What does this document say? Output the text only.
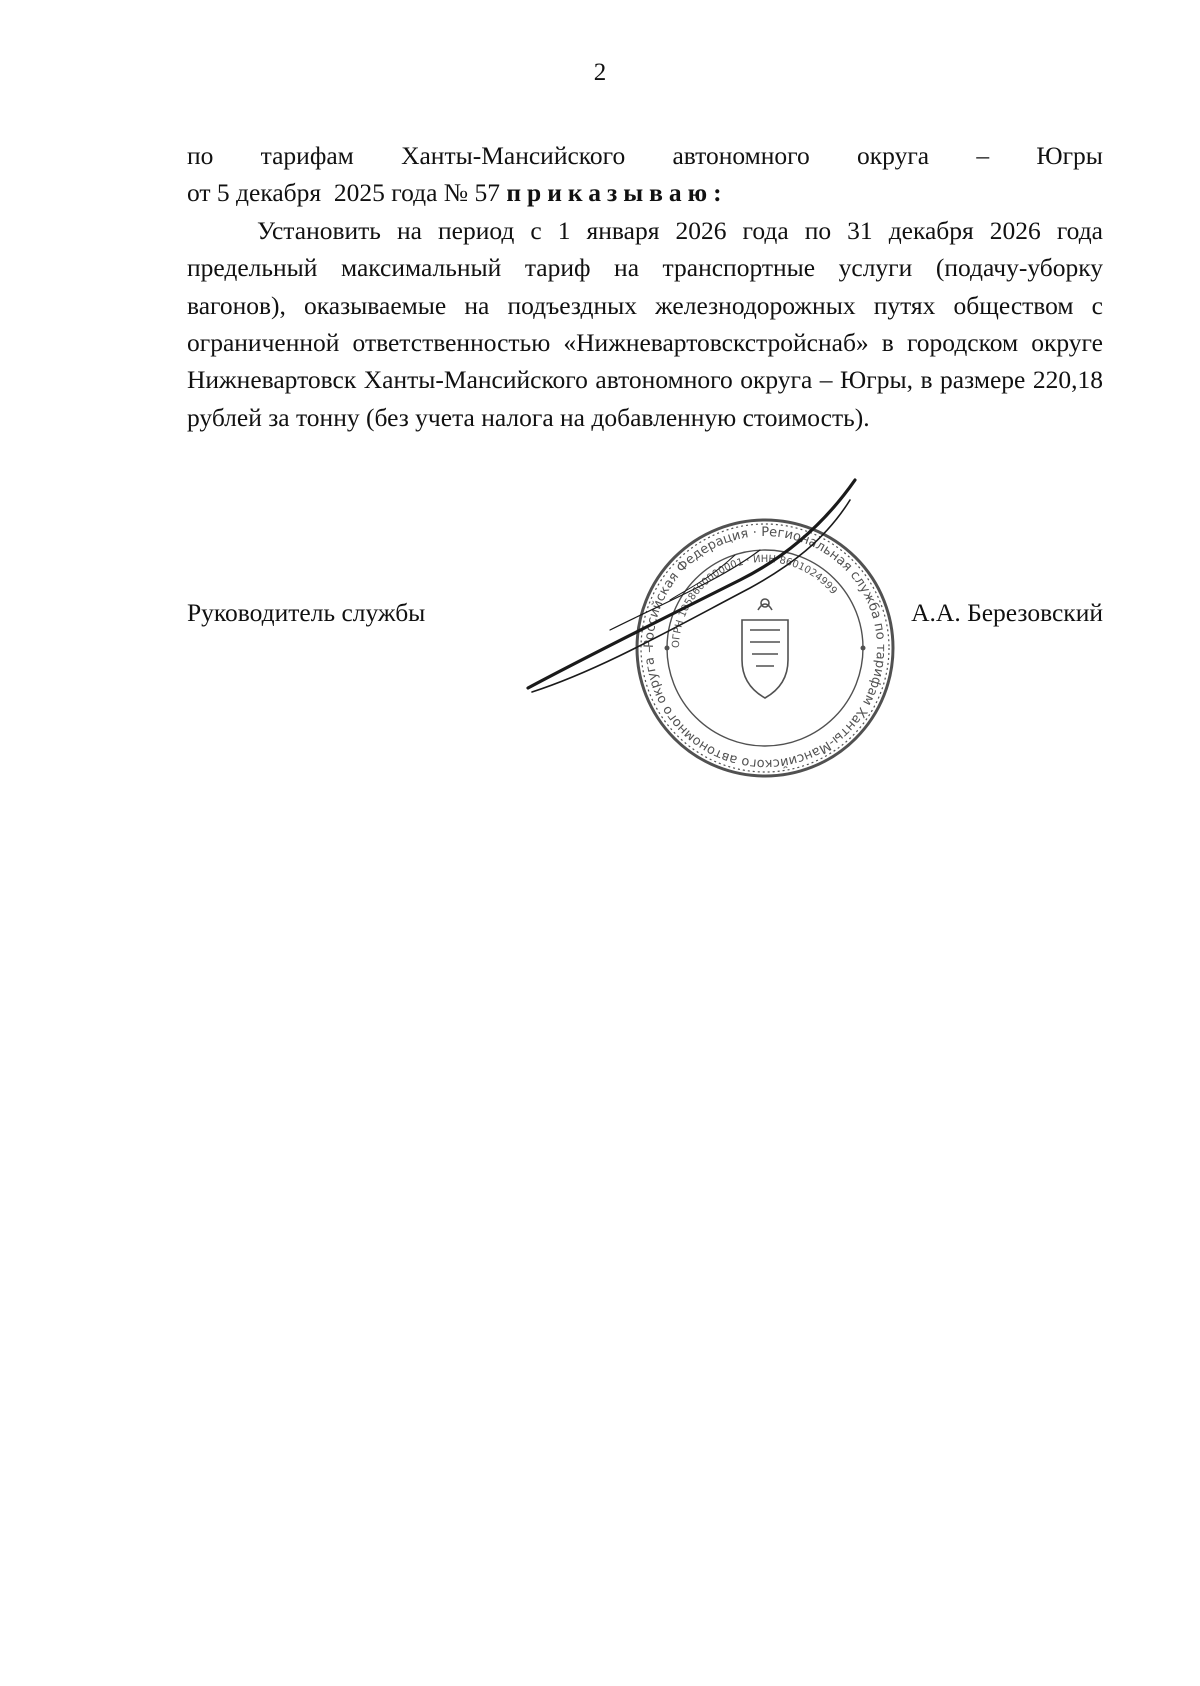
2
по тарифам Ханты-Мансийского автономного округа – Югры
от 5 декабря  2025 года № 57 приказываю:

Установить на период с 1 января 2026 года по 31 декабря 2026 года предельный максимальный тариф на транспортные услуги (подачу-уборку вагонов), оказываемые на подъездных железнодорожных путях обществом с ограниченной ответственностью «Нижневартовскстройснаб» в городском округе Нижневартовск Ханты-Мансийского автономного округа – Югры, в размере 220,18 рублей за тонну (без учета налога на добавленную стоимость).

Руководитель службы	А.А. Березовский
Российская Федерация · Региональная служба по тарифам Ханты-Мансийского автономного округа – Югры
ОГРН 1058600000001 · ИНН 8601024999
